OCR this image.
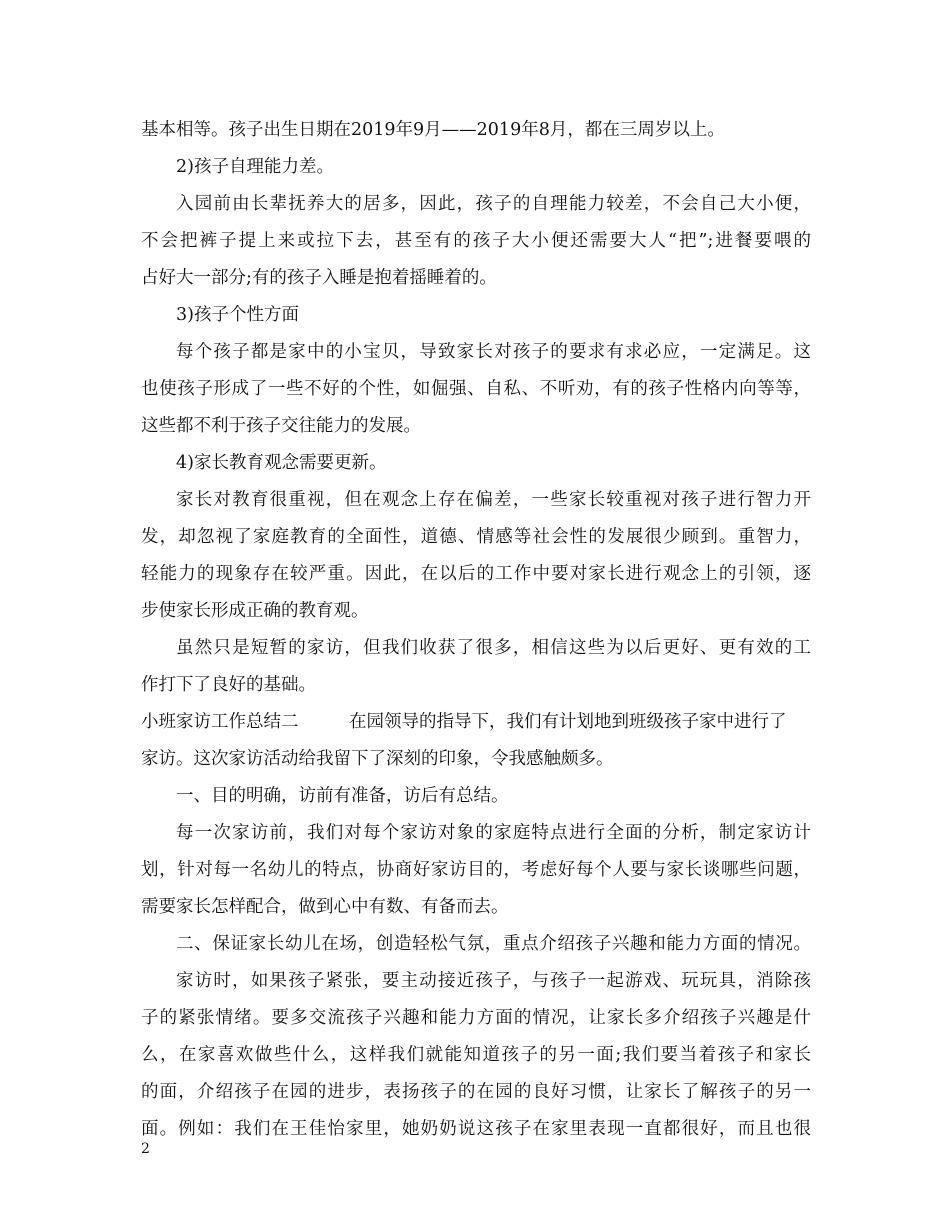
基本相等。孩子出生日期在2019年9月——2019年8月，都在三周岁以上。

2)孩子自理能力差。

入园前由长辈抚养大的居多，因此，孩子的自理能力较差，不会自己大小便，

不会把裤子提上来或拉下去，甚至有的孩子大小便还需要大人“把”;进餐要喂的

占好大一部分;有的孩子入睡是抱着摇睡着的。

3)孩子个性方面

每个孩子都是家中的小宝贝，导致家长对孩子的要求有求必应，一定满足。这

也使孩子形成了一些不好的个性，如倔强、自私、不听劝，有的孩子性格内向等等，

这些都不利于孩子交往能力的发展。

4)家长教育观念需要更新。

家长对教育很重视，但在观念上存在偏差，一些家长较重视对孩子进行智力开

发，却忽视了家庭教育的全面性，道德、情感等社会性的发展很少顾到。重智力，

轻能力的现象存在较严重。因此，在以后的工作中要对家长进行观念上的引领，逐

步使家长形成正确的教育观。

虽然只是短暂的家访，但我们收获了很多，相信这些为以后更好、更有效的工

作打下了良好的基础。

小班家访工作总结二	在园领导的指导下，我们有计划地到班级孩子家中进行了

家访。这次家访活动给我留下了深刻的印象，令我感触颇多。

一、目的明确，访前有准备，访后有总结。

每一次家访前，我们对每个家访对象的家庭特点进行全面的分析，制定家访计

划，针对每一名幼儿的特点，协商好家访目的，考虑好每个人要与家长谈哪些问题，

需要家长怎样配合，做到心中有数、有备而去。

二、保证家长幼儿在场，创造轻松气氛，重点介绍孩子兴趣和能力方面的情况。

家访时，如果孩子紧张，要主动接近孩子，与孩子一起游戏、玩玩具，消除孩

子的紧张情绪。要多交流孩子兴趣和能力方面的情况，让家长多介绍孩子兴趣是什

么，在家喜欢做些什么，这样我们就能知道孩子的另一面;我们要当着孩子和家长

的面，介绍孩子在园的进步，表扬孩子的在园的良好习惯，让家长了解孩子的另一

面。例如：我们在王佳怡家里，她奶奶说这孩子在家里表现一直都很好，而且也很

2
